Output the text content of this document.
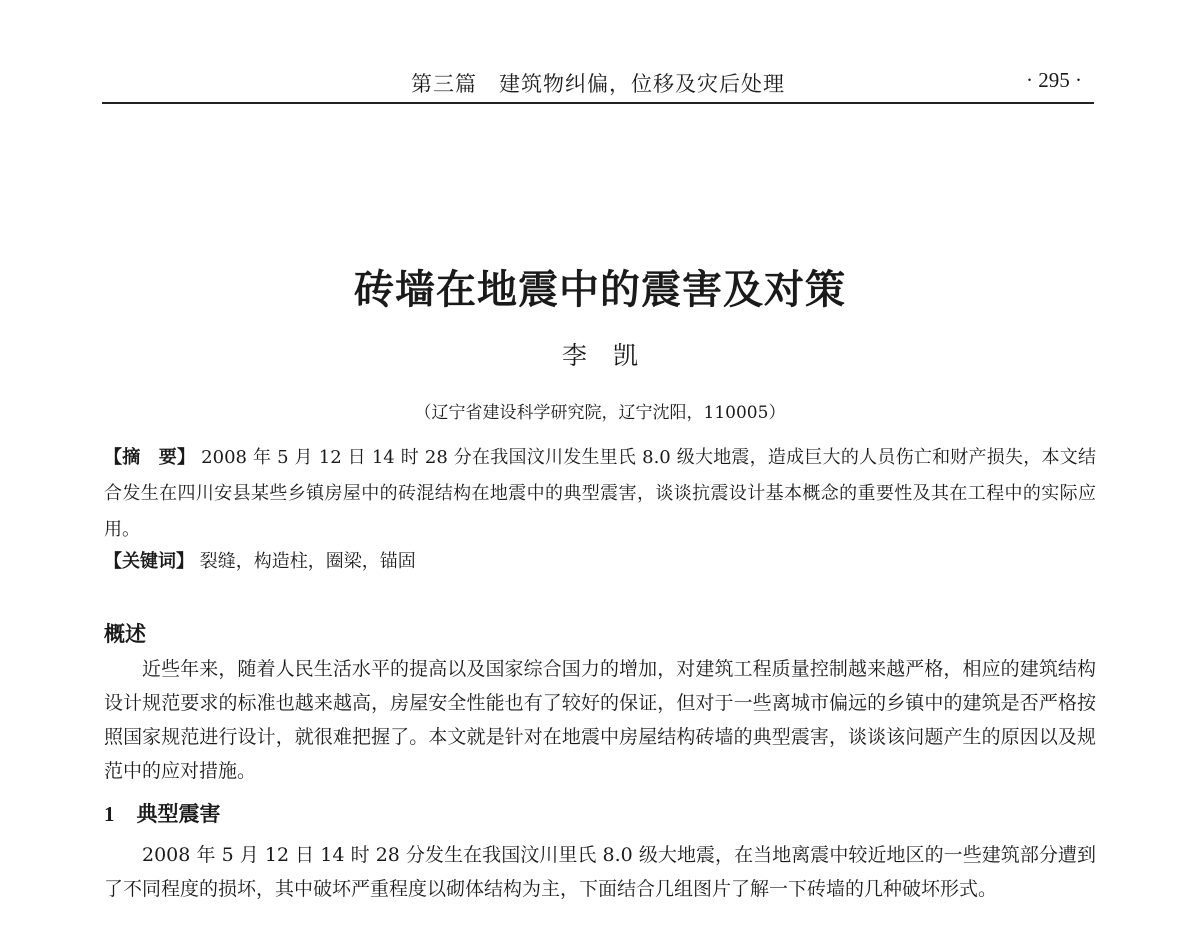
第三篇　建筑物纠偏，位移及灾后处理	· 295 ·
砖墙在地震中的震害及对策
李凯
（辽宁省建设科学研究院，辽宁沈阳，110005）
【摘　要】 2008 年 5 月 12 日 14 时 28 分在我国汶川发生里氏 8.0 级大地震，造成巨大的人员伤亡和财产损失，本文结合发生在四川安县某些乡镇房屋中的砖混结构在地震中的典型震害，谈谈抗震设计基本概念的重要性及其在工程中的实际应用。
【关键词】 裂缝，构造柱，圈梁，锚固
概述
近些年来，随着人民生活水平的提高以及国家综合国力的增加，对建筑工程质量控制越来越严格，相应的建筑结构设计规范要求的标准也越来越高，房屋安全性能也有了较好的保证，但对于一些离城市偏远的乡镇中的建筑是否严格按照国家规范进行设计，就很难把握了。本文就是针对在地震中房屋结构砖墙的典型震害，谈谈该问题产生的原因以及规范中的应对措施。
1 典型震害
2008 年 5 月 12 日 14 时 28 分发生在我国汶川里氏 8.0 级大地震，在当地离震中较近地区的一些建筑部分遭到了不同程度的损坏，其中破坏严重程度以砌体结构为主，下面结合几组图片了解一下砖墙的几种破坏形式。
